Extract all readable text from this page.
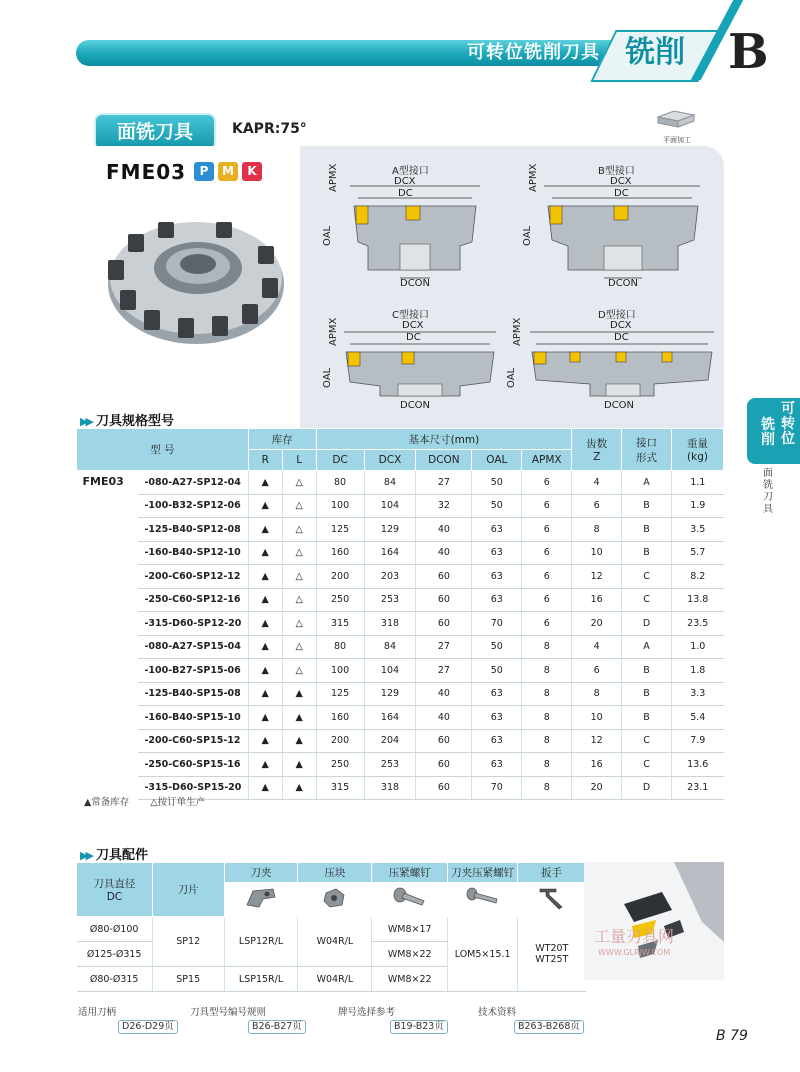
可转位铣削刀具 铣削 B
面铣刀具	KAPR:75°
平面加工
FME03	P	M	K	A型接口
DCX
DC
APMX
OAL
DCON
B型接口
DCX
DC
APMX
OAL
DCON
C型接口
DCX
DC
APMX
OAL
DCON
D型接口
DCX
DC
APMX
OAL
DCON
▶▶ 刀具规格型号
型 号		库存		基本尺寸(mm)					齿数
Z	接口
形式	重量
(kg)
		R	L	DC	DCX	DCON	OAL	APMX			
FME03	-080-A27-SP12-04	▲	△	80	84	27	50	6	4	A	1.1
	-100-B32-SP12-06	▲	△	100	104	32	50	6	6	B	1.9
	-125-B40-SP12-08	▲	△	125	129	40	63	6	8	B	3.5
	-160-B40-SP12-10	▲	△	160	164	40	63	6	10	B	5.7
	-200-C60-SP12-12	▲	△	200	203	60	63	6	12	C	8.2
	-250-C60-SP12-16	▲	△	250	253	60	63	6	16	C	13.8
	-315-D60-SP12-20	▲	△	315	318	60	70	6	20	D	23.5
	-080-A27-SP15-04	▲	△	80	84	27	50	8	4	A	1.0
	-100-B27-SP15-06	▲	△	100	104	27	50	8	6	B	1.8
	-125-B40-SP15-08	▲	▲	125	129	40	63	8	8	B	3.3
	-160-B40-SP15-10	▲	▲	160	164	40	63	8	10	B	5.4
	-200-C60-SP15-12	▲	▲	200	204	60	63	8	12	C	7.9
	-250-C60-SP15-16	▲	▲	250	253	60	63	8	16	C	13.6
	-315-D60-SP15-20	▲	▲	315	318	60	70	8	20	D	23.1
▲常备库存 △按订单生产
▶▶ 刀具配件
刀具直径
DC	刀片	刀夹	压块	压紧螺钉	刀夹压紧螺钉	扳手

Ø80-Ø100	SP12	LSP12R/L	W04R/L	WM8×17	LOM5×15.1	WT20T
WT25T
Ø125-Ø315				WM8×22		
Ø80-Ø315	SP15	LSP15R/L	W04R/L	WM8×22		
工量刃具网
WWW.GLRJW.COM
适用刀柄
D26-D29页
刀具型号编号规则
B26-B27页
牌号选择参考
B19-B23页
技术资料
B263-B268页
B 79
可转位
铣削
面铣刀具
